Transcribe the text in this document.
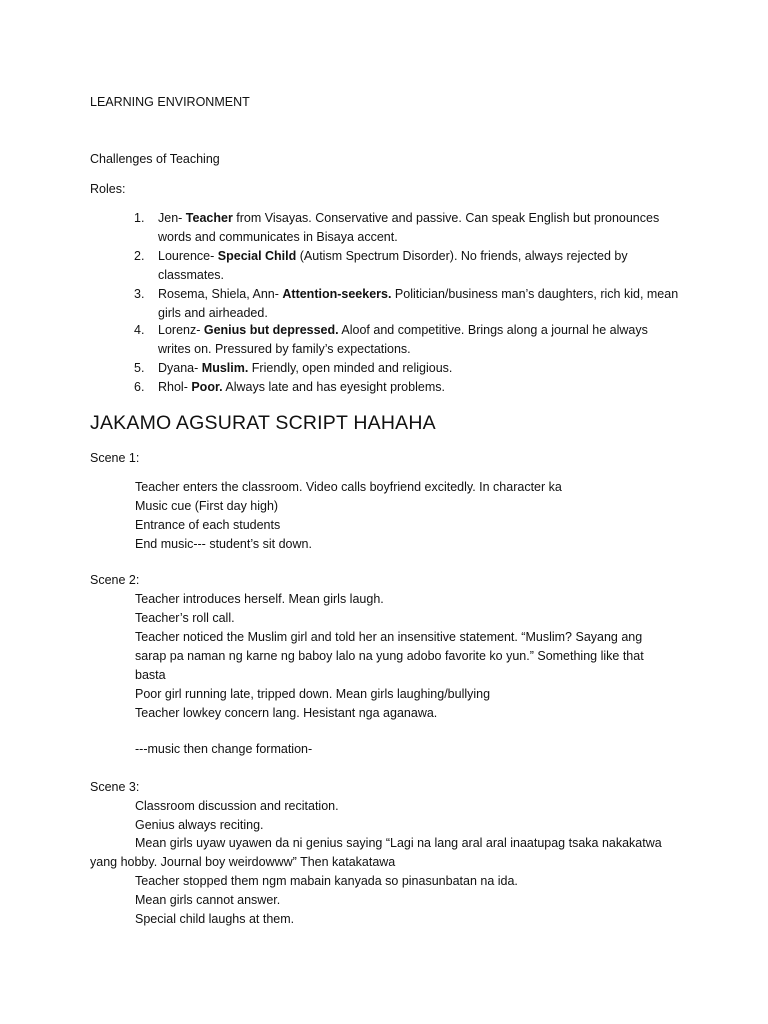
LEARNING ENVIRONMENT
Challenges of Teaching
Roles:
1. Jen- Teacher from Visayas. Conservative and passive. Can speak English but pronounces
words and communicates in Bisaya accent.
2. Lourence- Special Child (Autism Spectrum Disorder). No friends, always rejected by
classmates.
3. Rosema, Shiela, Ann- Attention-seekers. Politician/business man’s daughters, rich kid, mean
girls and airheaded.
4. Lorenz- Genius but depressed. Aloof and competitive. Brings along a journal he always
writes on. Pressured by family’s expectations.
5. Dyana- Muslim. Friendly, open minded and religious.
6. Rhol- Poor. Always late and has eyesight problems.
JAKAMO AGSURAT SCRIPT HAHAHA
Scene 1:
Teacher enters the classroom. Video calls boyfriend excitedly. In character ka
Music cue (First day high)
Entrance of each students
End music--- student’s sit down.
Scene 2:
Teacher introduces herself. Mean girls laugh.
Teacher’s roll call.
Teacher noticed the Muslim girl and told her an insensitive statement. “Muslim? Sayang ang
sarap pa naman ng karne ng baboy lalo na yung adobo favorite ko yun.” Something like that
basta
Poor girl running late, tripped down. Mean girls laughing/bullying
Teacher lowkey concern lang. Hesistant nga aganawa.
---music then change formation-
Scene 3:
Classroom discussion and recitation.
Genius always reciting.
Mean girls uyaw uyawen da ni genius saying “Lagi na lang aral aral inaatupag tsaka nakakatwa
yang hobby. Journal boy weirdowww” Then katakatawa
Teacher stopped them ngm mabain kanyada so pinasunbatan na ida.
Mean girls cannot answer.
Special child laughs at them.
